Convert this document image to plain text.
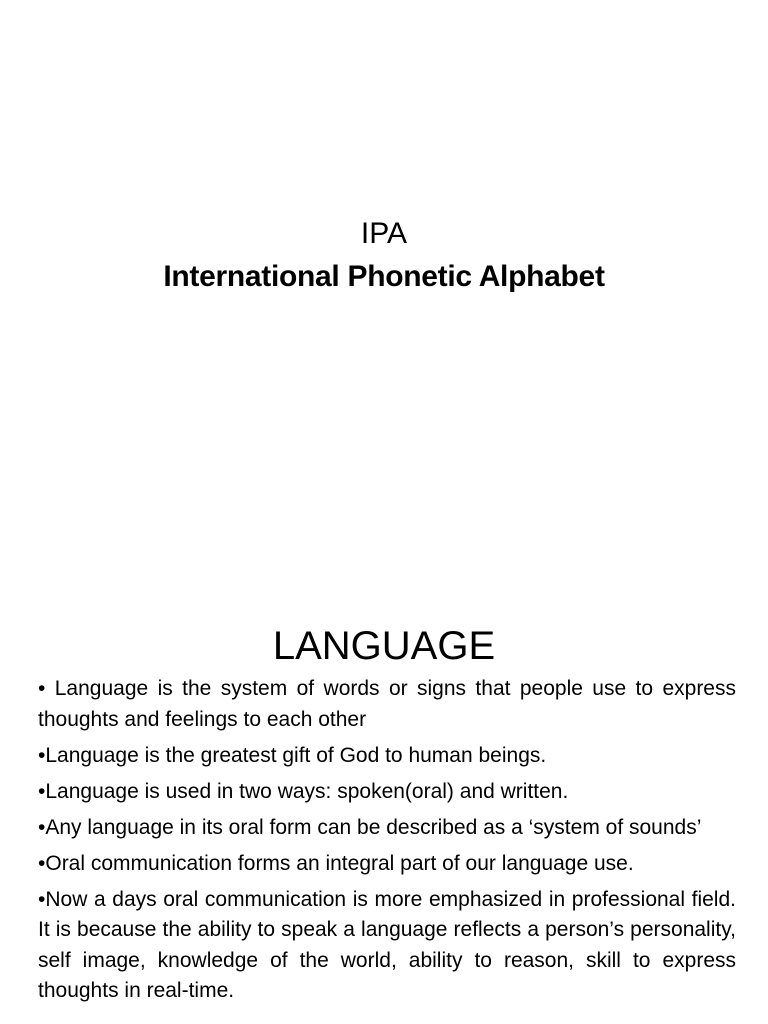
IPA
International Phonetic Alphabet
LANGUAGE
• Language is the system of words or signs that people use to express thoughts and feelings to each other
•Language is the greatest gift of God to human beings.
•Language is used in two ways: spoken(oral) and written.
•Any language in its oral form can be described as a ‘system of sounds’
•Oral communication forms an integral part of our language use.
•Now a days oral communication is more emphasized in professional field. It is because the ability to speak a language reflects a person’s personality, self image, knowledge of the world, ability to reason, skill to express thoughts in real-time.
